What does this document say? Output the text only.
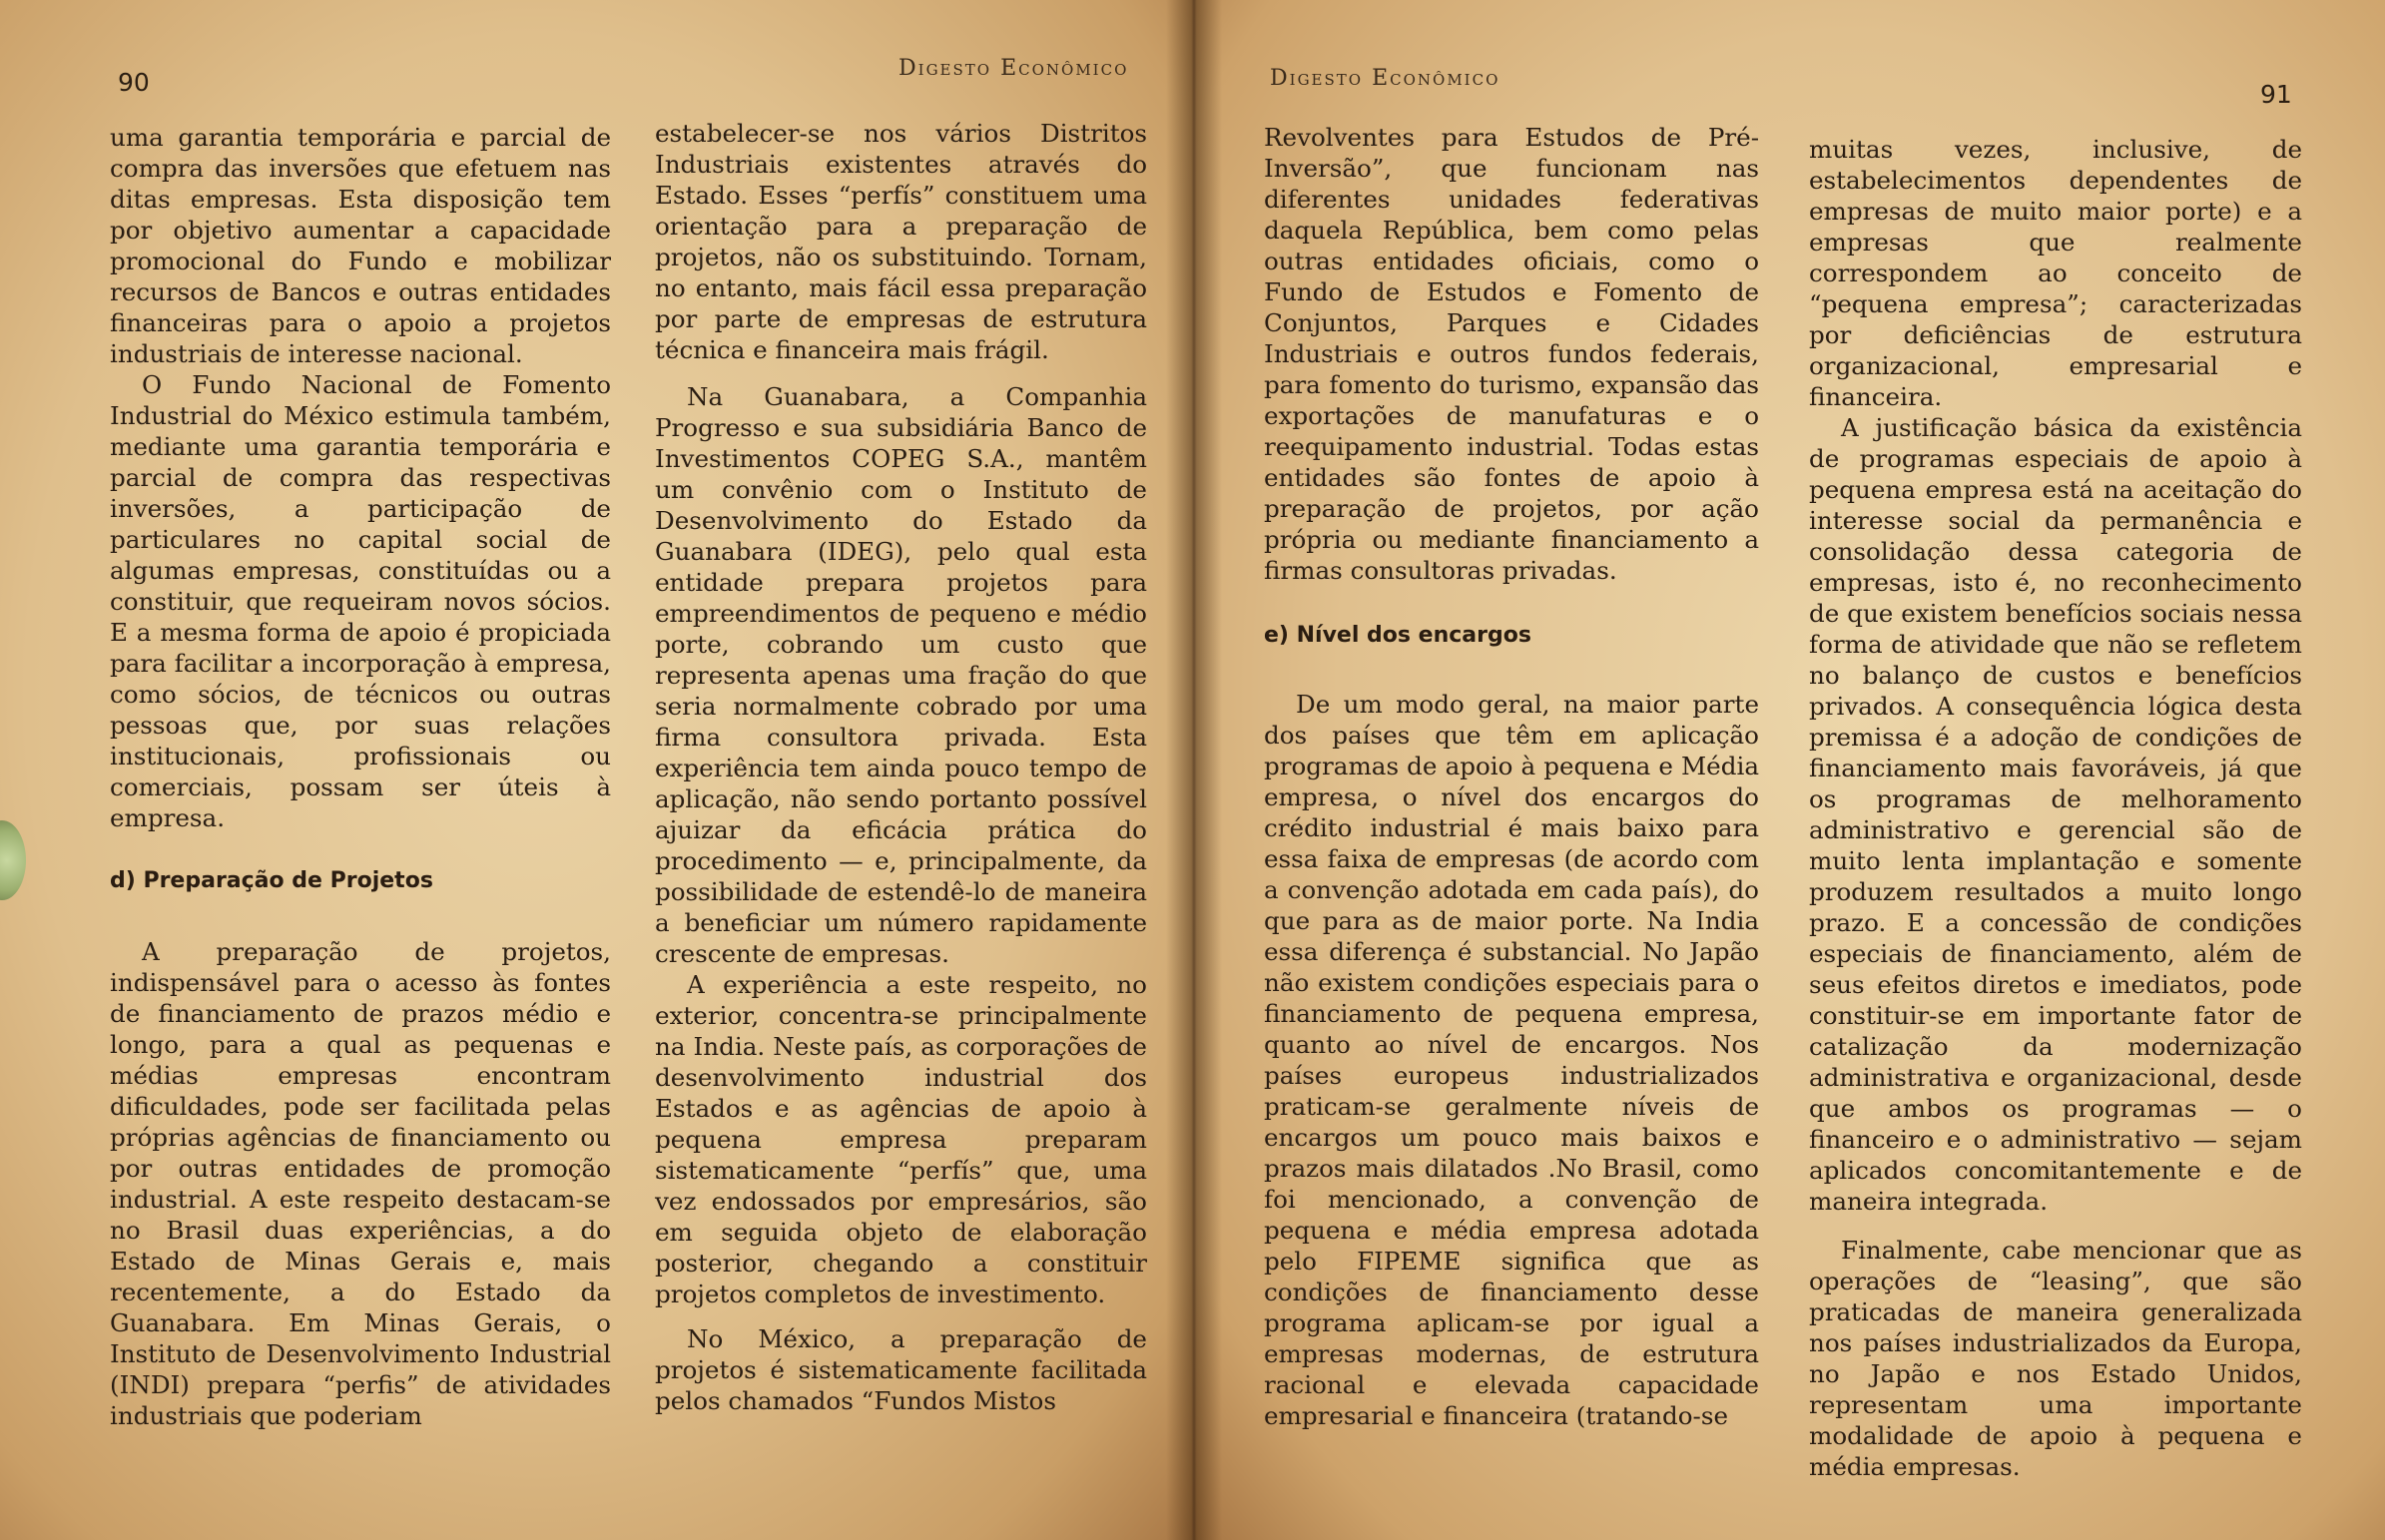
90	Digesto Econômico

uma garantia temporária e parcial de compra das inversões que efetuem nas ditas empresas. Esta disposição tem por objetivo aumentar a capacidade promocional do Fundo e mobilizar recursos de Bancos e outras entidades financeiras para o apoio a projetos industriais de interesse nacional.

O Fundo Nacional de Fomento Industrial do México estimula também, mediante uma garantia temporária e parcial de compra das respectivas inversões, a participação de particulares no capital social de algumas empresas, constituídas ou a constituir, que requeiram novos sócios. E a mesma forma de apoio é propiciada para facilitar a incorporação à empresa, como sócios, de técnicos ou outras pessoas que, por suas relações institucionais, profissionais ou comerciais, possam ser úteis à empresa.

d) Preparação de Projetos

A preparação de projetos, indispensável para o acesso às fontes de financiamento de prazos médio e longo, para a qual as pequenas e médias empresas encontram dificuldades, pode ser facilitada pelas próprias agências de financiamento ou por outras entidades de promoção industrial. A este respeito destacam-se no Brasil duas experiências, a do Estado de Minas Gerais e, mais recentemente, a do Estado da Guanabara. Em Minas Gerais, o Instituto de Desenvolvimento Industrial (INDI) prepara “perfis” de atividades industriais que poderiam

estabelecer-se nos vários Distritos Industriais existentes através do Estado. Esses “perfís” constituem uma orientação para a preparação de projetos, não os substituindo. Tornam, no entanto, mais fácil essa preparação por parte de empresas de estrutura técnica e financeira mais frágil.

Na Guanabara, a Companhia Progresso e sua subsidiária Banco de Investimentos COPEG S.A., mantêm um convênio com o Instituto de Desenvolvimento do Estado da Guanabara (IDEG), pelo qual esta entidade prepara projetos para empreendimentos de pequeno e médio porte, cobrando um custo que representa apenas uma fração do que seria normalmente cobrado por uma firma consultora privada. Esta experiência tem ainda pouco tempo de aplicação, não sendo portanto possível ajuizar da eficácia prática do procedimento — e, principalmente, da possibilidade de estendê-lo de maneira a beneficiar um número rapidamente crescente de empresas.

A experiência a este respeito, no exterior, concentra-se principalmente na India. Neste país, as corporações de desenvolvimento industrial dos Estados e as agências de apoio à pequena empresa preparam sistematicamente “perfís” que, uma vez endossados por empresários, são em seguida objeto de elaboração posterior, chegando a constituir projetos completos de investimento.

No México, a preparação de projetos é sistematicamente facilitada pelos chamados “Fundos Mistos

Digesto Econômico
91

Revolventes para Estudos de Pré-Inversão”, que funcionam nas diferentes unidades federativas daquela República, bem como pelas outras entidades oficiais, como o Fundo de Estudos e Fomento de Conjuntos, Parques e Cidades Industriais e outros fundos federais, para fomento do turismo, expansão das exportações de manufaturas e o reequipamento industrial. Todas estas entidades são fontes de apoio à preparação de projetos, por ação própria ou mediante financiamento a firmas consultoras privadas.

e) Nível dos encargos

De um modo geral, na maior parte dos países que têm em aplicação programas de apoio à pequena e Média empresa, o nível dos encargos do crédito industrial é mais baixo para essa faixa de empresas (de acordo com a convenção adotada em cada país), do que para as de maior porte. Na India essa diferença é substancial. No Japão não existem condições especiais para o financiamento de pequena empresa, quanto ao nível de encargos. Nos países europeus industrializados praticam-se geralmente níveis de encargos um pouco mais baixos e prazos mais dilatados .No Brasil, como foi mencionado, a convenção de pequena e média empresa adotada pelo FIPEME significa que as condições de financiamento desse programa aplicam-se por igual a empresas modernas, de estrutura racional e elevada capacidade empresarial e financeira (tratando-se

muitas vezes, inclusive, de estabelecimentos dependentes de empresas de muito maior porte) e a empresas que realmente correspondem ao conceito de “pequena empresa”; caracterizadas por deficiências de estrutura organizacional, empresarial e financeira.

A justificação básica da existência de programas especiais de apoio à pequena empresa está na aceitação do interesse social da permanência e consolidação dessa categoria de empresas, isto é, no reconhecimento de que existem benefícios sociais nessa forma de atividade que não se refletem no balanço de custos e benefícios privados. A consequência lógica desta premissa é a adoção de condições de financiamento mais favoráveis, já que os programas de melhoramento administrativo e gerencial são de muito lenta implantação e somente produzem resultados a muito longo prazo. E a concessão de condições especiais de financiamento, além de seus efeitos diretos e imediatos, pode constituir-se em importante fator de catalização da modernização administrativa e organizacional, desde que ambos os programas — o financeiro e o administrativo — sejam aplicados concomitantemente e de maneira integrada.

Finalmente, cabe mencionar que as operações de “leasing”, que são praticadas de maneira generalizada nos países industrializados da Europa, no Japão e nos Estado Unidos, representam uma importante modalidade de apoio à pequena e média empresas.
